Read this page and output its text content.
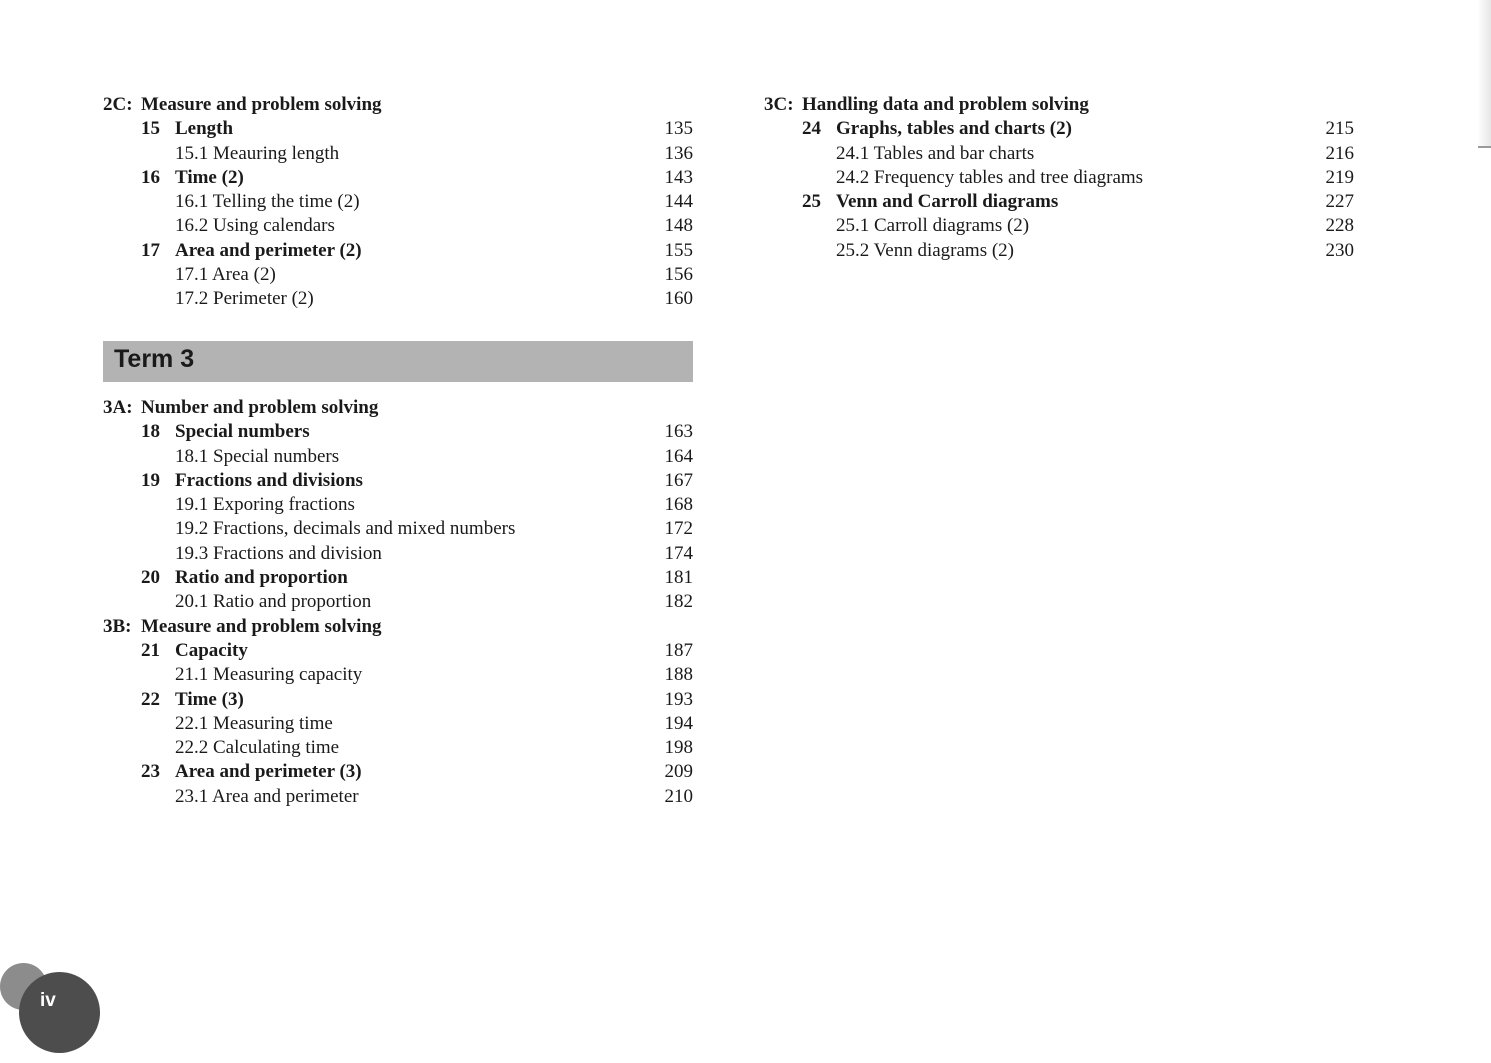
2C: Measure and problem solving
15 Length	135
15.1 Meauring length	136
16 Time (2)	143
16.1 Telling the time (2)	144
16.2 Using calendars	148
17 Area and perimeter (2)	155
17.1 Area (2)	156
17.2 Perimeter (2)	160
Term 3
3A: Number and problem solving
18 Special numbers	163
18.1 Special numbers	164
19 Fractions and divisions	167
19.1 Exporing fractions	168
19.2 Fractions, decimals and mixed numbers	172
19.3 Fractions and division	174
20 Ratio and proportion	181
20.1 Ratio and proportion	182
3B: Measure and problem solving
21 Capacity	187
21.1 Measuring capacity	188
22 Time (3)	193
22.1 Measuring time	194
22.2 Calculating time	198
23 Area and perimeter (3)	209
23.1 Area and perimeter	210
3C: Handling data and problem solving
24 Graphs, tables and charts (2)	215
24.1 Tables and bar charts	216
24.2 Frequency tables and tree diagrams	219
25 Venn and Carroll diagrams	227
25.1 Carroll diagrams (2)	228
25.2 Venn diagrams (2)	230
iv
